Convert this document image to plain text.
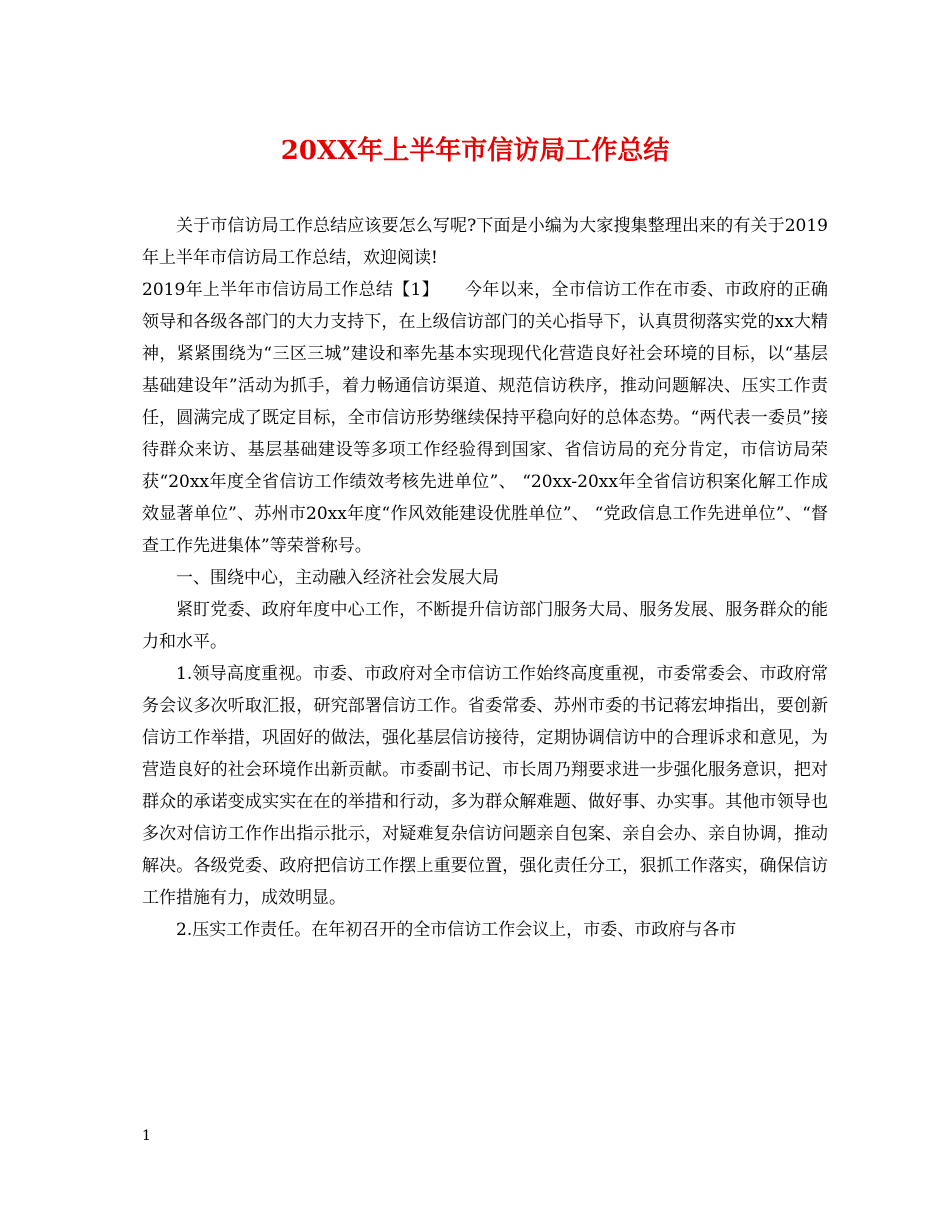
20XX年上半年市信访局工作总结

关于市信访局工作总结应该要怎么写呢?下面是小编为大家搜集整理出来的有关于2019年上半年市信访局工作总结，欢迎阅读!

2019年上半年市信访局工作总结【1】　　今年以来，全市信访工作在市委、市政府的正确领导和各级各部门的大力支持下，在上级信访部门的关心指导下，认真贯彻落实党的xx大精神，紧紧围绕为“三区三城”建设和率先基本实现现代化营造良好社会环境的目标，以“基层基础建设年”活动为抓手，着力畅通信访渠道、规范信访秩序，推动问题解决、压实工作责任，圆满完成了既定目标，全市信访形势继续保持平稳向好的总体态势。“两代表一委员”接待群众来访、基层基础建设等多项工作经验得到国家、省信访局的充分肯定，市信访局荣获“20xx年度全省信访工作绩效考核先进单位”、 “20xx-20xx年全省信访积案化解工作成效显著单位”、苏州市20xx年度“作风效能建设优胜单位”、 “党政信息工作先进单位”、“督查工作先进集体”等荣誉称号。

一、围绕中心，主动融入经济社会发展大局

紧盯党委、政府年度中心工作，不断提升信访部门服务大局、服务发展、服务群众的能力和水平。

1.领导高度重视。市委、市政府对全市信访工作始终高度重视，市委常委会、市政府常务会议多次听取汇报，研究部署信访工作。省委常委、苏州市委的书记蒋宏坤指出，要创新信访工作举措，巩固好的做法，强化基层信访接待，定期协调信访中的合理诉求和意见，为营造良好的社会环境作出新贡献。市委副书记、市长周乃翔要求进一步强化服务意识，把对群众的承诺变成实实在在的举措和行动，多为群众解难题、做好事、办实事。其他市领导也多次对信访工作作出指示批示，对疑难复杂信访问题亲自包案、亲自会办、亲自协调，推动解决。各级党委、政府把信访工作摆上重要位置，强化责任分工，狠抓工作落实，确保信访工作措施有力，成效明显。

2.压实工作责任。在年初召开的全市信访工作会议上，市委、市政府与各市

1
